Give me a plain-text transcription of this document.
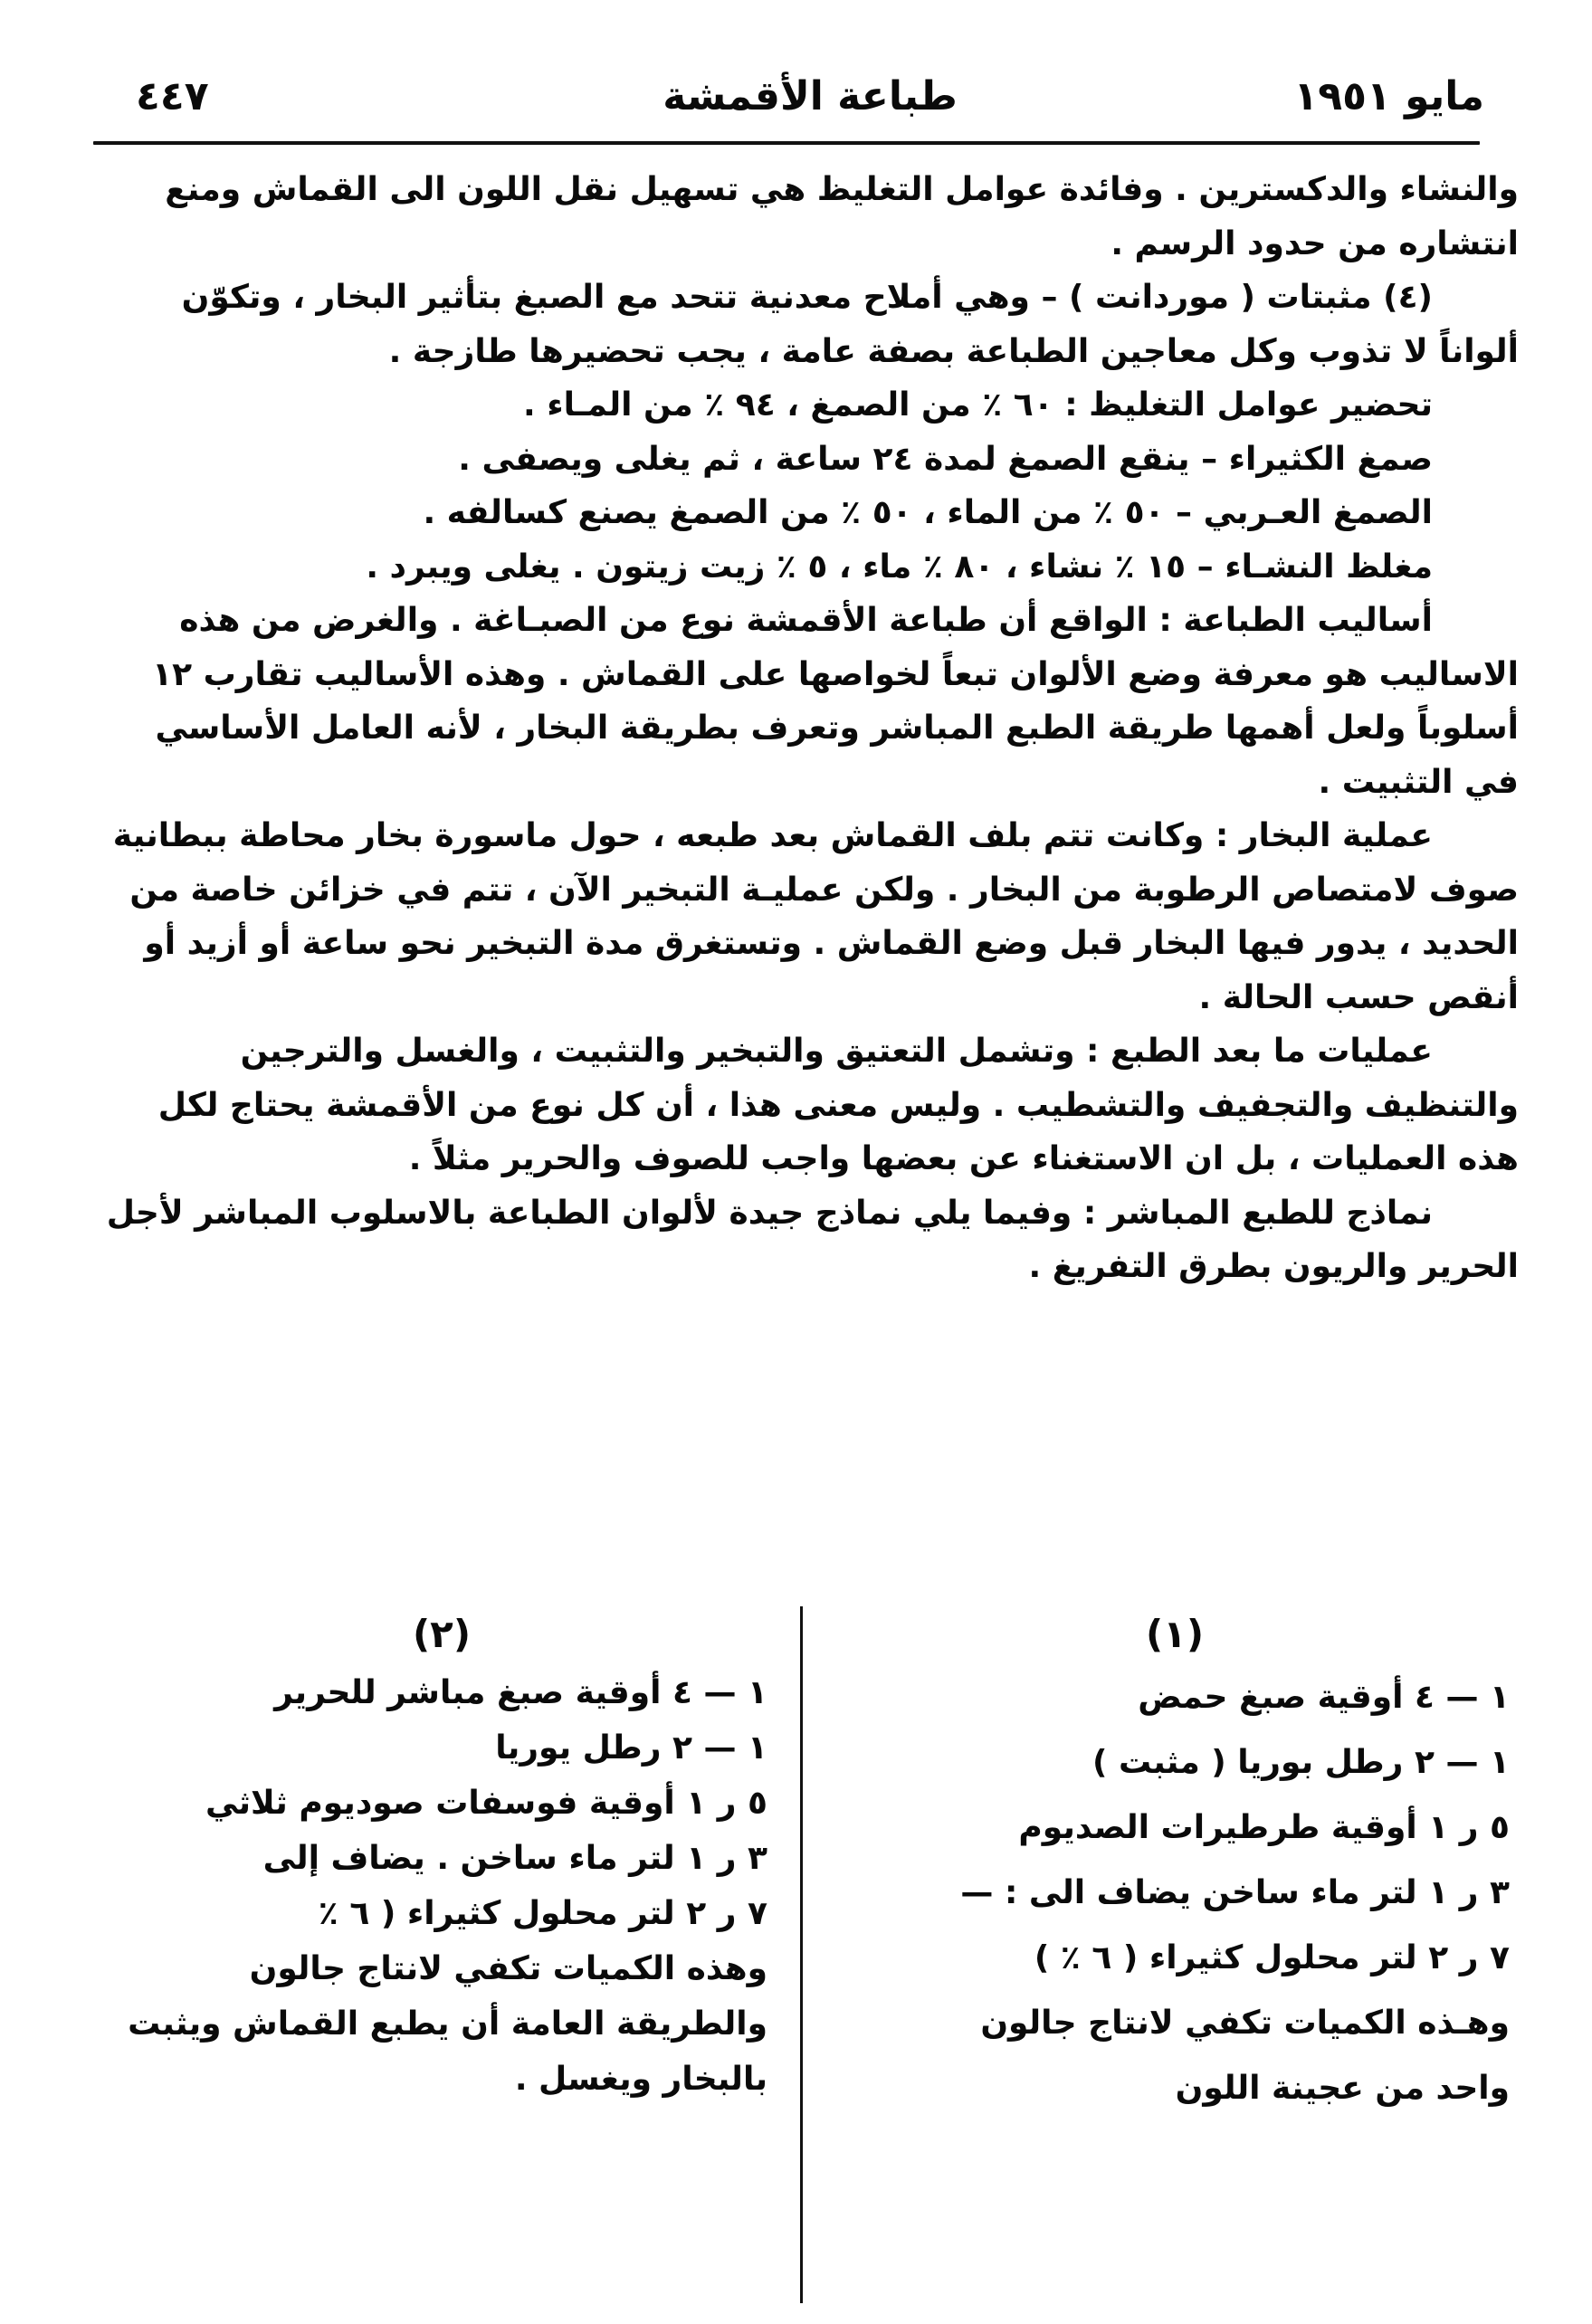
مايو ١٩٥١
طباعة الأقمشة
٤٤٧

والنشاء والدكسترين . وفائدة عوامل التغليظ هي تسهيل نقل اللون الى القماش ومنع انتشاره من حدود الرسم .

(٤) مثبتات ( موردانت ) – وهي أملاح معدنية تتحد مع الصبغ بتأثير البخار ، وتكوّن ألواناً لا تذوب وكل معاجين الطباعة بصفة عامة ، يجب تحضيرها طازجة .

تحضير عوامل التغليظ : ٦٠ ٪ من الصمغ ، ٩٤ ٪ من المـاء .

صمغ الكثيراء – ينقع الصمغ لمدة ٢٤ ساعة ، ثم يغلى ويصفى .

الصمغ العـربي – ٥٠ ٪ من الماء ، ٥٠ ٪ من الصمغ يصنع كسالفه .

مغلظ النشـاء – ١٥ ٪ نشاء ، ٨٠ ٪ ماء ، ٥ ٪ زيت زيتون . يغلى ويبرد .

أساليب الطباعة : الواقع أن طباعة الأقمشة نوع من الصبـاغة . والغرض من هذه الاساليب هو معرفة وضع الألوان تبعاً لخواصها على القماش . وهذه الأساليب تقارب ١٢ أسلوباً ولعل أهمها طريقة الطبع المباشر وتعرف بطريقة البخار ، لأنه العامل الأساسي في التثبيت .

عملية البخار : وكانت تتم بلف القماش بعد طبعه ، حول ماسورة بخار محاطة ببطانية صوف لامتصاص الرطوبة من البخار . ولكن عمليـة التبخير الآن ، تتم في خزائن خاصة من الحديد ، يدور فيها البخار قبل وضع القماش . وتستغرق مدة التبخير نحو ساعة أو أزيد أو أنقص حسب الحالة .

عمليات ما بعد الطبع : وتشمل التعتيق والتبخير والتثبيت ، والغسل والترجين والتنظيف والتجفيف والتشطيب . وليس معنى هذا ، أن كل نوع من الأقمشة يحتاج لكل هذه العمليات ، بل ان الاستغناء عن بعضها واجب للصوف والحرير مثلاً .

نماذج للطبع المباشر : وفيما يلي نماذج جيدة لألوان الطباعة بالاسلوب المباشر لأجل الحرير والريون بطرق التفريغ .

(١)

١ — ٤ أوقية صبغ حمض

١ — ٢ رطل بوريا ( مثبت )

٥ ر ١ أوقية طرطيرات الصديوم

٣ ر ١ لتر ماء ساخن يضاف الى : —

٧ ر ٢ لتر محلول كثيراء ( ٦ ٪ )

وهـذه الكميات تكفي لانتاج جالون

واحد من عجينة اللون

(٢)

١ — ٤ أوقية صبغ مباشر للحرير

١ — ٢ رطل يوريا

٥ ر ١ أوقية فوسفات صوديوم ثلاثي

٣ ر ١ لتر ماء ساخن . يضاف إلى

٧ ر ٢ لتر محلول كثيراء ( ٦ ٪

وهذه الكميات تكفي لانتاج جالون

والطريقة العامة أن يطبع القماش ويثبت

بالبخار ويغسل .
